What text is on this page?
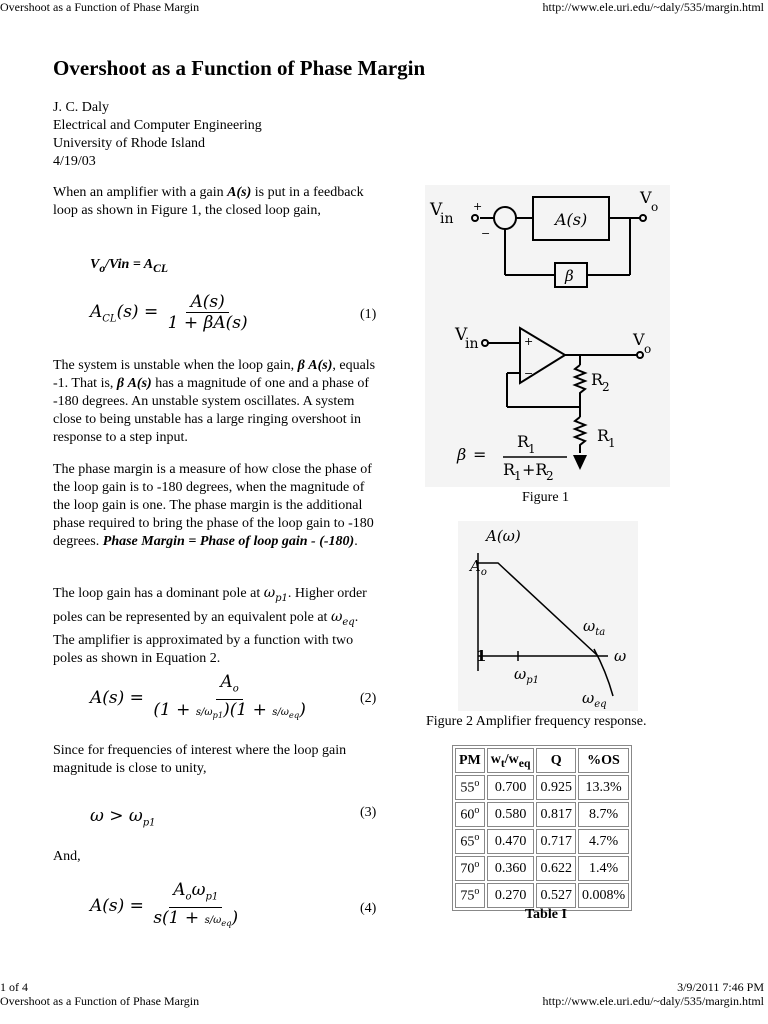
Overshoot as a Function of Phase Margin	http://www.ele.uri.edu/~daly/535/margin.html
Overshoot as a Function of Phase Margin
J. C. Daly
Electrical and Computer Engineering
University of Rhode Island
4/19/03
When an amplifier with a gain A(s) is put in a feedback loop as shown in Figure 1, the closed loop gain,
$V_o$/Vin = $A_{CL}$
$A_{CL}(s) = \frac{A(s)}{1 + \beta A(s)}$	(1)
The system is unstable when the loop gain, β A(s), equals -1. That is, β A(s) has a magnitude of one and a phase of -180 degrees. An unstable system oscillates. A system close to being unstable has a large ringing overshoot in response to a step input.
The phase margin is a measure of how close the phase of the loop gain is to -180 degrees, when the magnitude of the loop gain is one. The phase margin is the additional phase required to bring the phase of the loop gain to -180 degrees. Phase Margin = Phase of loop gain - (-180).
The loop gain has a dominant pole at $\omega_{p1}$. Higher order poles can be represented by an equivalent pole at $\omega_{eq}$. The amplifier is approximated by a function with two poles as shown in Equation 2.
$A(s) = \frac{A_o}{(1 + s/\omega_{p1})(1 + s/\omega_{eq})}$	(2)
Since for frequencies of interest where the loop gain magnitude is close to unity,
$\omega > \omega_{p1}$
(3)
And,
$A(s) = \frac{A_o\omega_{p1}}{s(1 + s/\omega_{eq})}$	(4)
V
in
+
−
A(s)
β
V o
V
in	+
−
V o
R
2
R
1
β =
R
1
R
1 +R
2
Figure 1
A(ω)
$A_o$
1
$\omega_{ta}$
ω
$\omega_{p1}$
$\omega_{eq}$
Figure 2 Amplifier frequency response.
PM	$w_t/w_{eq}$	Q	%OS
55$^o$	0.700	0.925	13.3%
60$^o$	0.580	0.817	8.7%
65$^o$	0.470	0.717	4.7%
70$^o$	0.360	0.622	1.4%
75$^o$	0.270	0.527	0.008%
Table I
1 of 4	3/9/2011 7:46 PM
Overshoot as a Function of Phase Margin	http://www.ele.uri.edu/~daly/535/margin.html
